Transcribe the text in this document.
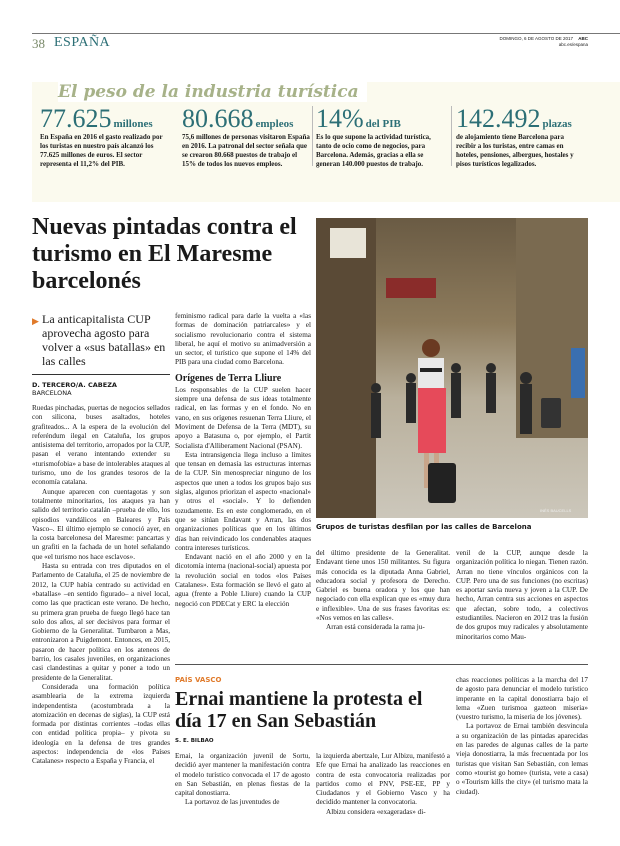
38 ESPAÑA	DOMINGO, 6 DE AGOSTO DE 2017 ABC
abc.es/espana
El peso de la industria turística
77.625 millones
En España en 2016 el gasto realizado por los turistas en nuestro país alcanzó los 77.625 millones de euros. El sector representa el 11,2% del PIB.
80.668 empleos
75,6 millones de personas visitaron España en 2016. La patronal del sector señala que se crearon 80.668 puestos de trabajo el 15% de todos los nuevos empleos.
14% del PIB
Es lo que supone la actividad turística, tanto de ocio como de negocios, para Barcelona. Además, gracias a ella se generan 140.000 puestos de trabajo.
142.492 plazas
de alojamiento tiene Barcelona para recibir a los turistas, entre camas en hoteles, pensiones, albergues, hostales y pisos turísticos legalizados.
Nuevas pintadas contra el turismo en El Maresme barcelonés
INÉS BAUCELLS
Grupos de turistas desfilan por las calles de Barcelona
▶ La anticapitalista CUP aprovecha agosto para volver a «sus batallas» en las calles
D. TERCERO/A. CABEZA
BARCELONA

Ruedas pinchadas, puertas de negocios sellados con silicona, buses asaltados, hoteles grafiteados... A la espera de la evolución del referéndum ilegal en Cataluña, los grupos antisistema del territorio, arropados por la CUP, pasan el verano intentando extender su «turismofobia» a base de intolerables ataques al turismo, uno de los grandes tesoros de la economía catalana.

Aunque aparecen con cuentagotas y son totalmente minoritarios, los ataques ya han salido del territorio catalán –prueba de ello, los episodios vandálicos en Baleares y País Vasco–. El último ejemplo se conoció ayer, en la costa barcelonesa del Maresme: pancartas y un grafiti en la fachada de un hotel señalando que «el turismo nos hace esclavos».

Hasta su entrada con tres diputados en el Parlamento de Cataluña, el 25 de noviembre de 2012, la CUP había centrado su actividad en «batallas» –en sentido figurado– a nivel local, como las que practican este verano. De hecho, su primera gran prueba de fuego llegó hace tan solo dos años, al ser decisivos para formar el Gobierno de la Generalitat. Tumbaron a Mas, entronizaron a Puigdemont. Entonces, en 2015, pasaron de hacer política en los ateneos de barrio, los casales juveniles, en organizaciones casi clandestinas a quitar y poner a todo un presidente de la Generalitat.

Considerada una formación política asamblearia de la extrema izquierda independentista (acostumbrada a la atomización en decenas de siglas), la CUP está formada por distintas corrientes –todas ellas con entidad política propia– y pivota su ideología en la defensa de tres grandes aspectos: independencia de «los Países Catalanes» respecto a España y Francia, el

feminismo radical para darle la vuelta a «las formas de dominación patriarcales» y el socialismo revolucionario contra el sistema liberal, he aquí el motivo su animadversión a un sector, el turístico que supone el 14% del PIB para una ciudad como Barcelona.

Orígenes de Terra Lliure

Los responsables de la CUP suelen hacer siempre una defensa de sus ideas totalmente radical, en las formas y en el fondo. No en vano, en sus orígenes resuenan Terra Lliure, el Moviment de Defensa de la Terra (MDT), su apoyo a Batasuna o, por ejemplo, el Partit Socialista d'Alliberament Nacional (PSAN).

Esta intransigencia llega incluso a límites que tensan en demasía las estructuras internas de la CUP. Sin menospreciar ninguno de los aspectos que unen a todos los grupos bajo sus siglas, algunos priorizan el aspecto «nacional» y otros el «social». Y lo defienden tozudamente. Es en este conglomerado, en el que se sitúan Endavant y Arran, las dos organizaciones políticas que en los últimos días han reivindicado los condenables ataques contra intereses turísticos.

Endavant nació en el año 2000 y en la dicotomía interna (nacional-social) apuesta por la revolución social en todos «los Países Catalanes». Esta formación se llevó el gato al agua (frente a Poble Lliure) cuando la CUP negoció con PDECat y ERC la elección

del último presidente de la Generalitat. Endavant tiene unos 150 militantes. Su figura más conocida es la diputada Anna Gabriel, educadora social y profesora de Derecho. Gabriel es buena oradora y los que han negociado con ella explican que es «muy dura e inflexible». Una de sus frases favoritas es: «Nos vemos en las calles».

Arran está considerada la rama ju-

venil de la CUP, aunque desde la organización política lo niegan. Tienen razón. Arran no tiene vínculos orgánicos con la CUP. Pero una de sus funciones (no escritas) es aportar savia nueva y joven a la CUP. De hecho, Arran centra sus acciones en aspectos que afectan, sobre todo, a colectivos estudiantiles. Nacieron en 2012 tras la fusión de dos grupos muy radicales y absolutamente minoritarios como Mau-

PAÍS VASCO
Ernai mantiene la protesta el día 17 en San Sebastián
S. E. BILBAO

Ernai, la organización juvenil de Sortu, decidió ayer mantener la manifestación contra el modelo turístico convocada el 17 de agosto en San Sebastián, en plenas fiestas de la capital donostiarra.

La portavoz de las juventudes de

la izquierda abertzale, Lur Albizu, manifestó a Efe que Ernai ha analizado las reacciones en contra de esta convocatoria realizadas por partidos como el PNV, PSE-EE, PP y Ciudadanos y el Gobierno Vasco y ha decidido mantener la convocatoria.

Albizu considera «exageradas» di-

chas reacciones políticas a la marcha del 17 de agosto para denunciar el modelo turístico imperante en la capital donostiarra bajo el lema «Zuen turismoa gazteon miseria» (vuestro turismo, la miseria de los jóvenes).

La portavoz de Ernai también desvincula a su organización de las pintadas aparecidas en las paredes de algunas calles de la parte vieja donostiarra, la más frecuentada por los turistas que visitan San Sebastián, con lemas como «tourist go home» (turista, vete a casa) o «Tourism kills the city» (el turismo mata la ciudad).
